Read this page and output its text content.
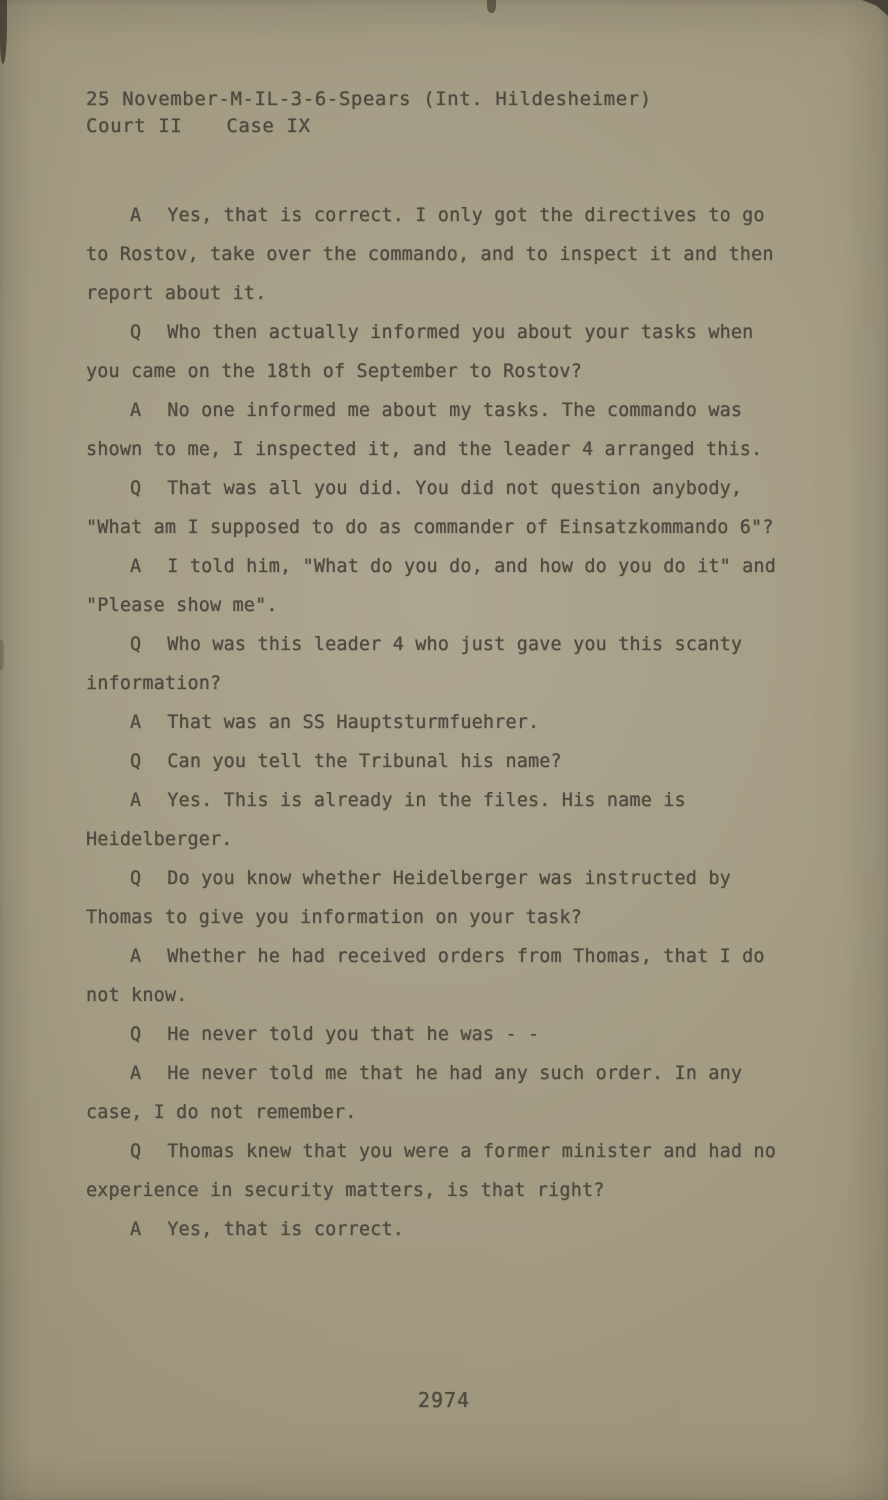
25 November-M-IL-3-6-Spears (Int. Hildesheimer)
Court II Case IX

A Yes, that is correct. I only got the directives to go to Rostov, take over the commando, and to inspect it and then report about it.

Q Who then actually informed you about your tasks when you came on the 18th of September to Rostov?

A No one informed me about my tasks. The commando was shown to me, I inspected it, and the leader 4 arranged this.

Q That was all you did. You did not question anybody, "What am I supposed to do as commander of Einsatzkommando 6"?

A I told him, "What do you do, and how do you do it" and "Please show me".

Q Who was this leader 4 who just gave you this scanty information?

A That was an SS Hauptsturmfuehrer.

Q Can you tell the Tribunal his name?

A Yes. This is already in the files. His name is Heidelberger.

Q Do you know whether Heidelberger was instructed by Thomas to give you information on your task?

A Whether he had received orders from Thomas, that I do not know.

Q He never told you that he was - -

A He never told me that he had any such order. In any case, I do not remember.

Q Thomas knew that you were a former minister and had no experience in security matters, is that right?

A Yes, that is correct.

2974
